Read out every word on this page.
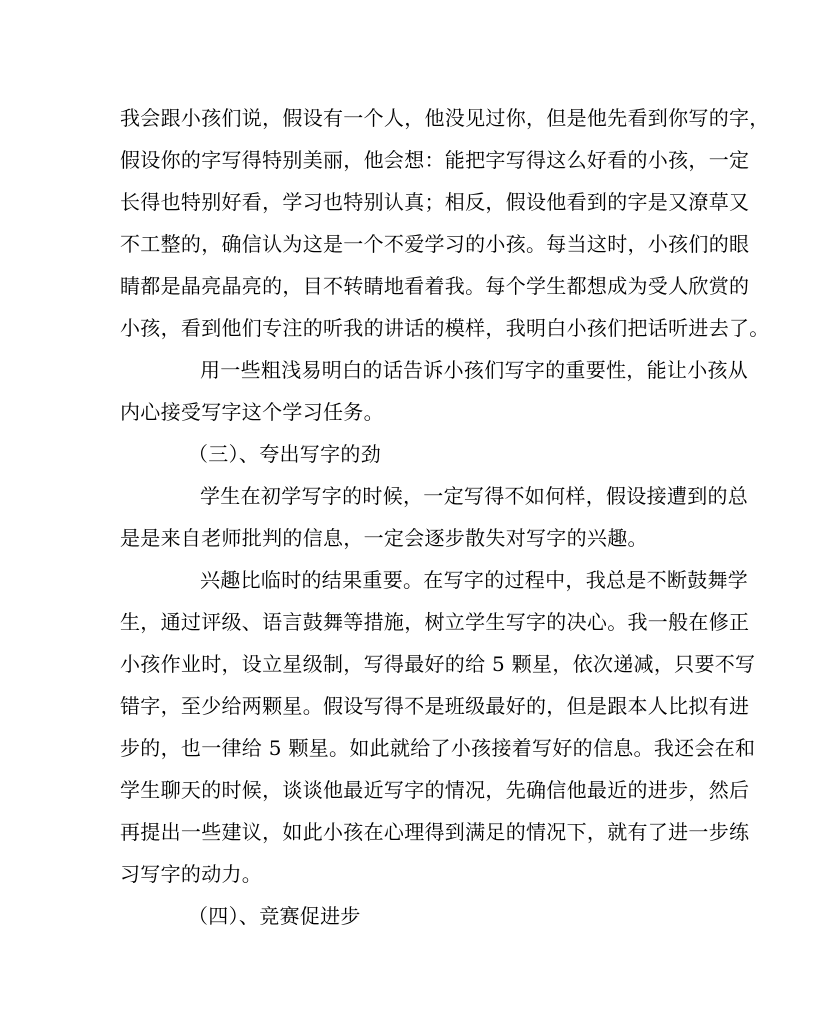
我会跟小孩们说，假设有一个人，他没见过你，但是他先看到你写的字，
假设你的字写得特别美丽，他会想：能把字写得这么好看的小孩，一定
长得也特别好看，学习也特别认真；相反，假设他看到的字是又潦草又
不工整的，确信认为这是一个不爱学习的小孩。每当这时，小孩们的眼
睛都是晶亮晶亮的，目不转睛地看着我。每个学生都想成为受人欣赏的
小孩，看到他们专注的听我的讲话的模样，我明白小孩们把话听进去了。
用一些粗浅易明白的话告诉小孩们写字的重要性，能让小孩从
内心接受写字这个学习任务。
（三）、夸出写字的劲
学生在初学写字的时候，一定写得不如何样，假设接遭到的总
是是来自老师批判的信息，一定会逐步散失对写字的兴趣。
兴趣比临时的结果重要。在写字的过程中，我总是不断鼓舞学
生，通过评级、语言鼓舞等措施，树立学生写字的决心。我一般在修正
小孩作业时，设立星级制，写得最好的给 5 颗星，依次递减，只要不写
错字，至少给两颗星。假设写得不是班级最好的，但是跟本人比拟有进
步的，也一律给 5 颗星。如此就给了小孩接着写好的信息。我还会在和
学生聊天的时候，谈谈他最近写字的情况，先确信他最近的进步，然后
再提出一些建议，如此小孩在心理得到满足的情况下，就有了进一步练
习写字的动力。
（四）、竞赛促进步
